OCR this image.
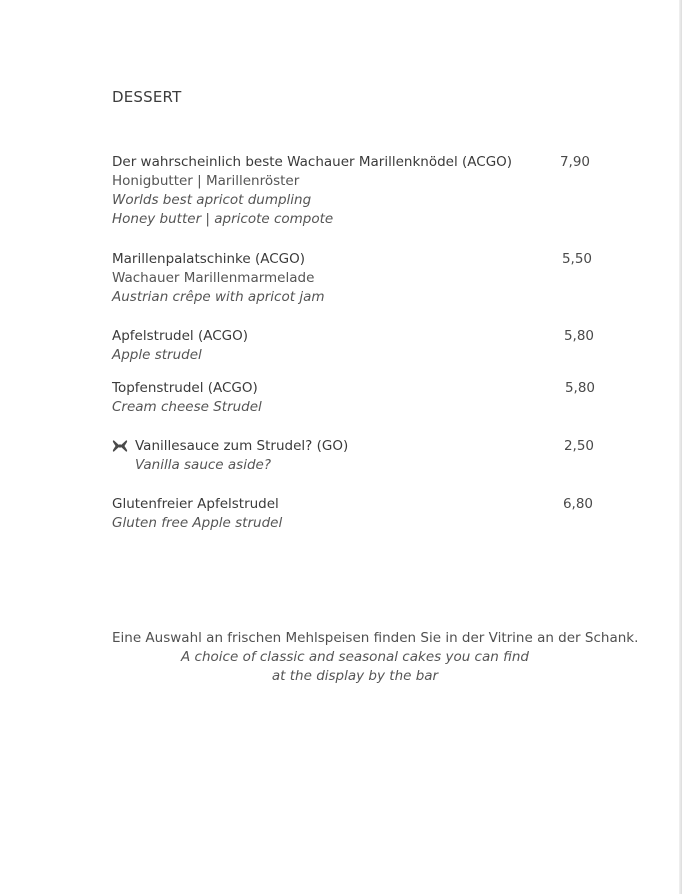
DESSERT
Der wahrscheinlich beste Wachauer Marillenknödel (ACGO)	7,90
Honigbutter | Marillenröster
Worlds best apricot dumpling
Honey butter | apricote compote
Marillenpalatschinke (ACGO)	5,50
Wachauer Marillenmarmelade
Austrian crêpe with apricot jam
Apfelstrudel (ACGO)	5,80
Apple strudel
Topfenstrudel (ACGO)	5,80
Cream cheese Strudel
Vanillesauce zum Strudel? (GO)	2,50
Vanilla sauce aside?
Glutenfreier Apfelstrudel	6,80
Gluten free Apple strudel
Eine Auswahl an frischen Mehlspeisen finden Sie in der Vitrine an der Schank.
A choice of classic and seasonal cakes you can find
at the display by the bar
